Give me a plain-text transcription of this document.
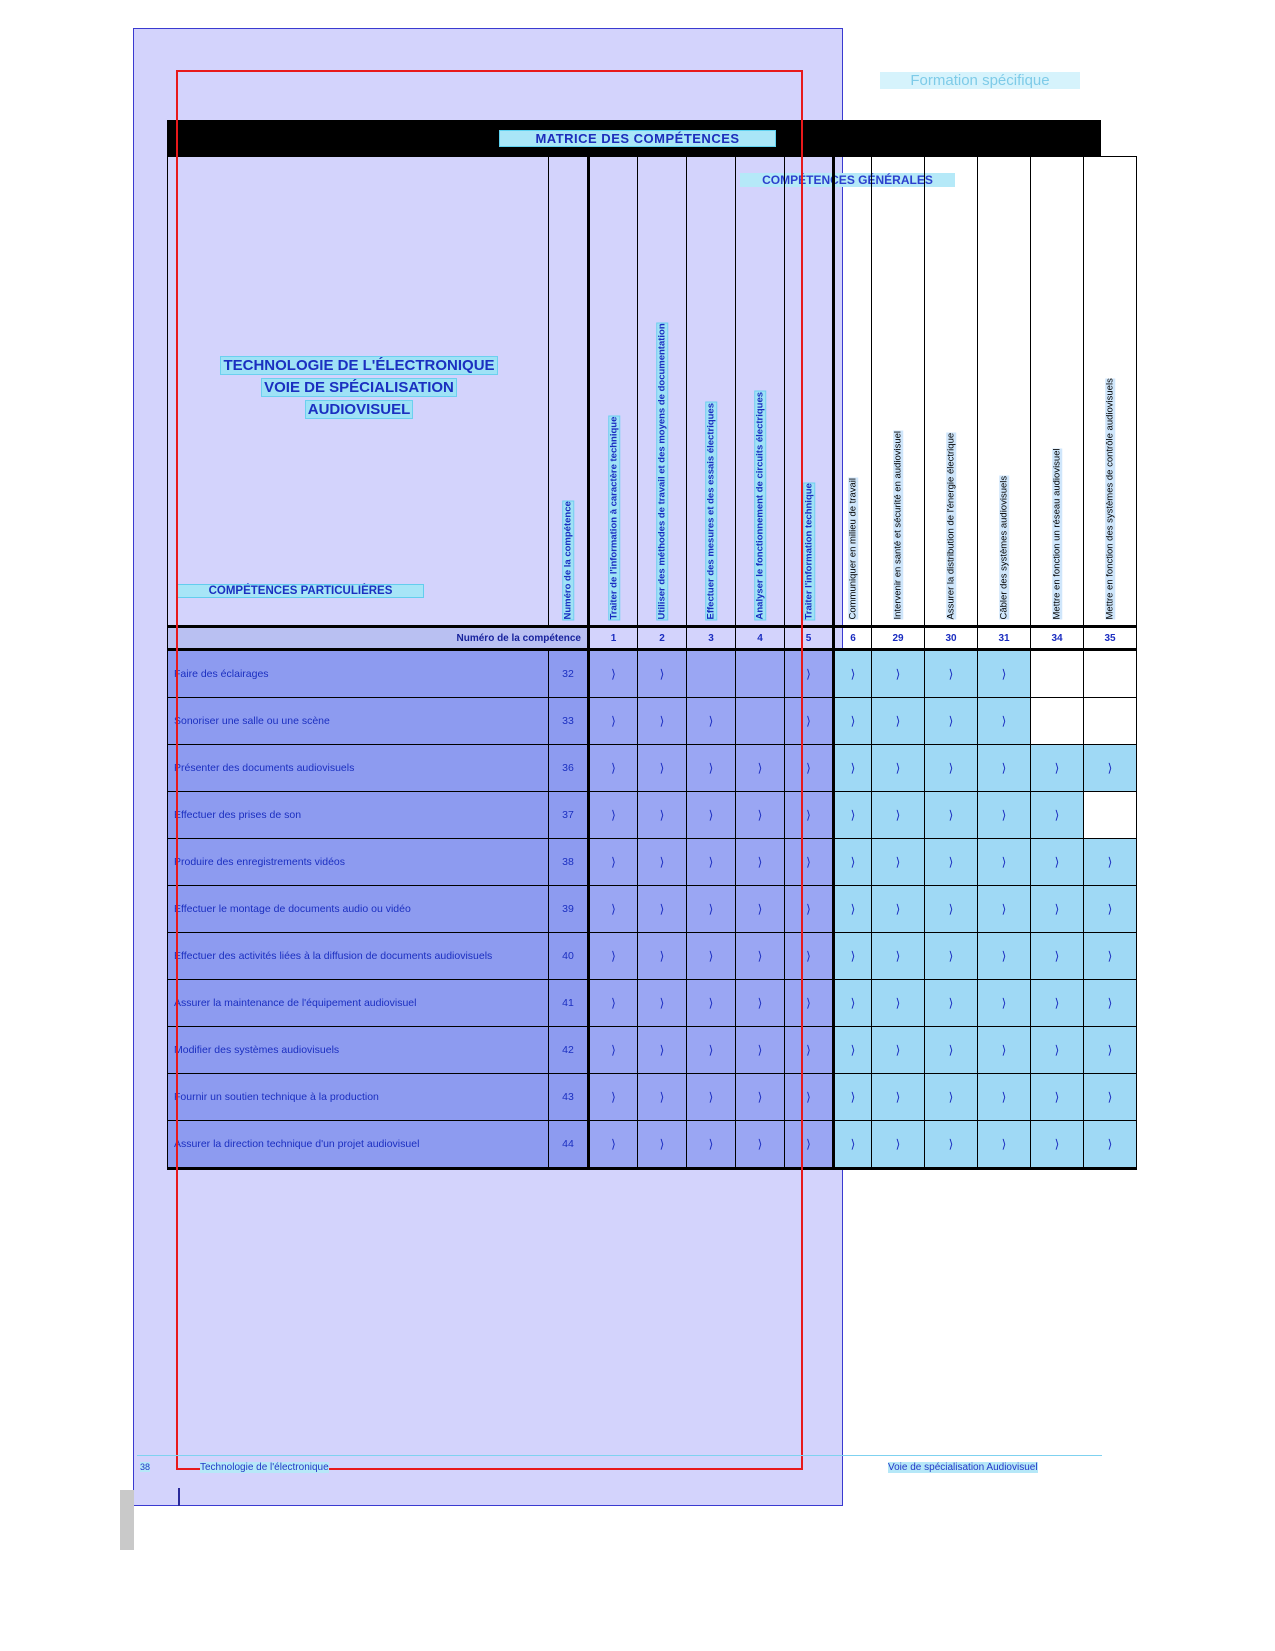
Formation spécifique
MATRICE DES COMPÉTENCES
COMPÉTENCES GÉNÉRALES
TECHNOLOGIE DE L'ÉLECTRONIQUE
VOIE DE SPÉCIALISATION
AUDIOVISUEL
COMPÉTENCES PARTICULIÈRES

	Numéro de la compétence	Traiter de l'information à caractère technique	Utiliser des méthodes de travail et des moyens de documentation	Effectuer des mesures et des essais électriques	Analyser le fonctionnement de circuits électriques	Traiter l'information technique	Communiquer en milieu de travail	Intervenir en santé et sécurité en audiovisuel	Assurer la distribution de l'énergie électrique	Câbler des systèmes audiovisuels	Mettre en fonction un réseau audiovisuel	Mettre en fonction des systèmes de contrôle audiovisuels

Numéro de la compétence		1	2	3	4	5	6	29	30	31	34	35
Faire des éclairages	32	⟩	⟩			⟩	⟩	⟩	⟩	⟩		

Sonoriser une salle ou une scène	33	⟩	⟩	⟩		⟩	⟩	⟩	⟩	⟩		

Présenter des documents audiovisuels	36	⟩	⟩	⟩	⟩	⟩	⟩	⟩	⟩	⟩	⟩	⟩

Effectuer des prises de son	37	⟩	⟩	⟩	⟩	⟩	⟩	⟩	⟩	⟩	⟩	

Produire des enregistrements vidéos	38	⟩	⟩	⟩	⟩	⟩	⟩	⟩	⟩	⟩	⟩	⟩

Effectuer le montage de documents audio ou vidéo	39	⟩	⟩	⟩	⟩	⟩	⟩	⟩	⟩	⟩	⟩	⟩

Effectuer des activités liées à la diffusion de documents audiovisuels	40	⟩	⟩	⟩	⟩	⟩	⟩	⟩	⟩	⟩	⟩	⟩

Assurer la maintenance de l'équipement audiovisuel	41	⟩	⟩	⟩	⟩	⟩	⟩	⟩	⟩	⟩	⟩	⟩

Modifier des systèmes audiovisuels	42	⟩	⟩	⟩	⟩	⟩	⟩	⟩	⟩	⟩	⟩	⟩

Fournir un soutien technique à la production	43	⟩	⟩	⟩	⟩	⟩	⟩	⟩	⟩	⟩	⟩	⟩

Assurer la direction technique d'un projet audiovisuel	44	⟩	⟩	⟩	⟩	⟩	⟩	⟩	⟩	⟩	⟩	⟩
38	Technologie de l'électronique	Voie de spécialisation Audiovisuel
